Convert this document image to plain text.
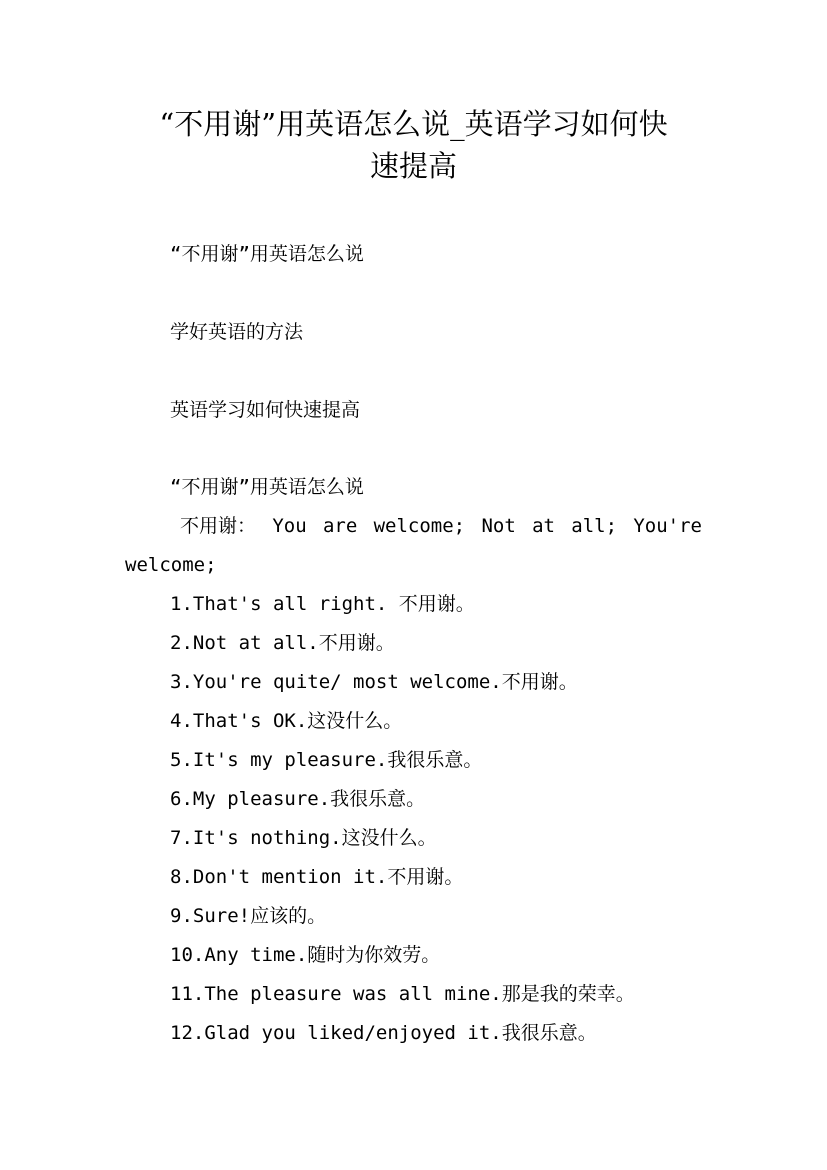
“不用谢”用英语怎么说_英语学习如何快
速提高

“不用谢”用英语怎么说

学好英语的方法

英语学习如何快速提高

“不用谢”用英语怎么说

不用谢： You are welcome; Not at all; You're

welcome;

1.That's all right. 不用谢。

2.Not at all.不用谢。

3.You're quite/ most welcome.不用谢。

4.That's OK.这没什么。

5.It's my pleasure.我很乐意。

6.My pleasure.我很乐意。

7.It's nothing.这没什么。

8.Don't mention it.不用谢。

9.Sure!应该的。

10.Any time.随时为你效劳。

11.The pleasure was all mine.那是我的荣幸。

12.Glad you liked/enjoyed it.我很乐意。
